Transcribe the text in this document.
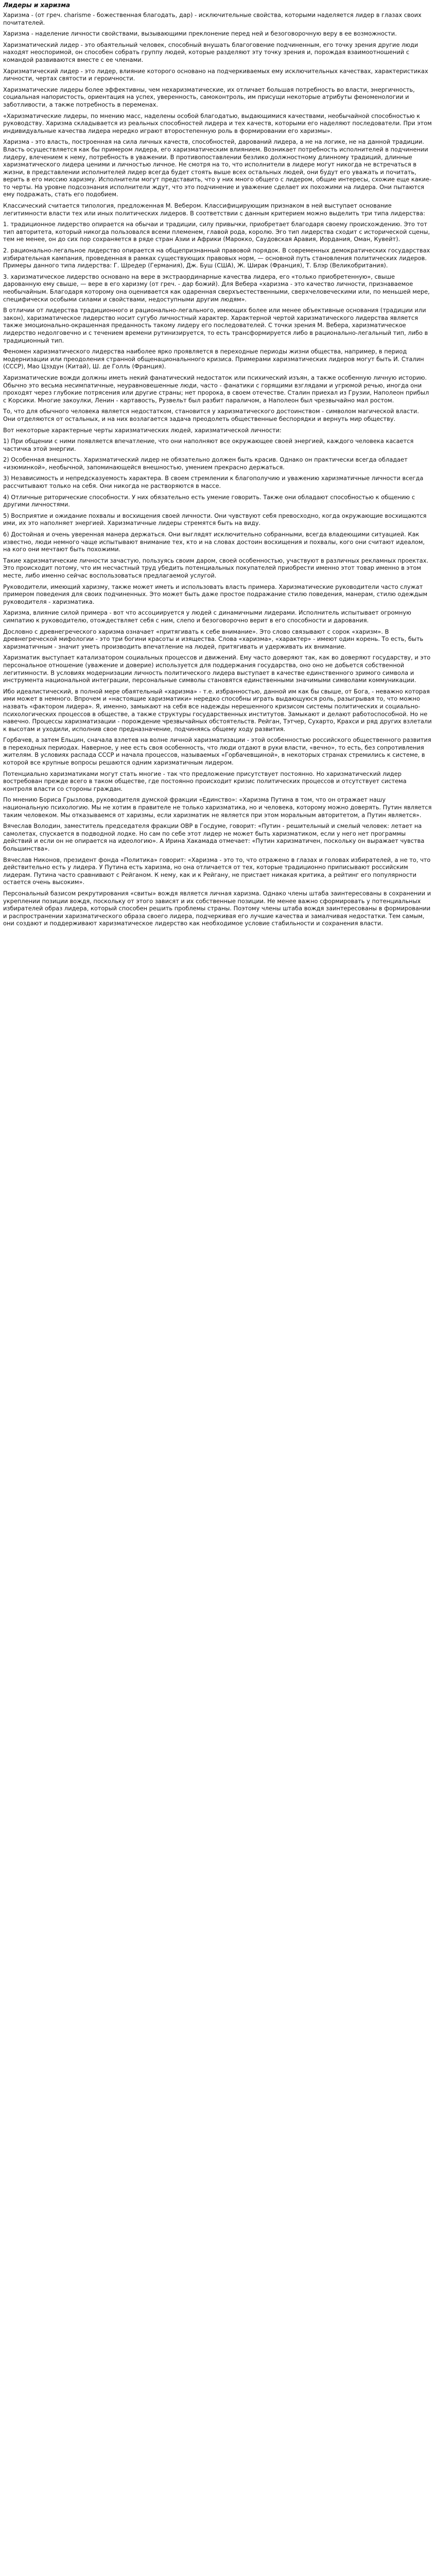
Лидеры и харизма

Харизма - (от греч. charisme - божественная благодать, дар) - исключительные свойства, которыми наделяется лидер в глазах своих почитателей.

Харизма - наделение личности свойствами, вызывающими преклонение перед ней и безоговорочную веру в ее возможности.

Харизматический лидер - это обаятельный человек, способный внушать благоговение подчиненным, его точку зрения другие люди находят неоспоримой, он способен собрать группу людей, которые разделяют эту точку зрения и, порождая взаимоотношений с командой развиваются вместе с ее членами.

Харизматический лидер - это лидер, влияние которого основано на подчеркиваемых ему исключительных качествах, характеристиках личности, чертах святости и героичности.

Харизматические лидеры более эффективны, чем нехаризматические, их отличает большая потребность во власти, энергичность, социальная напористость, ориентация на успех, уверенность, самоконтроль, им присущи некоторые атрибуты феноменологии и заботливости, а также потребность в переменах.

«Харизматические лидеры, по мнению масс, наделены особой благодатью, выдающимися качествами, необычайной способностью к руководству. Харизма складывается из реальных способностей лидера и тех качеств, которыми его наделяют последователи. При этом индивидуальные качества лидера нередко играют второстепенную роль в формировании его харизмы».

Харизма - это власть, построенная на сила личных качеств, способностей, дарований лидера, а не на логике, не на данной традиции. Власть осуществляется как бы примером лидера, его харизматическим влиянием. Возникает потребность исполнителей в подчинении лидеру, влечением к нему, потребность в уважении. В противопоставлении безлико должностному длинному традиций, длинные харизматического лидера ценими и личностью личное. Не смотря на то, что исполнители в лидере могут никогда не встречаться в жизни, в представлении исполнителей лидер всегда будет стоять выше всех остальных людей, они будут его уважать и почитать, верить в его миссию харизму. Исполнители могут представить, что у них много общего с лидером, общие интересы, схожие еще какие-то черты. На уровне подсознания исполнители ждут, что это подчинение и уважение сделает их похожими на лидера. Они пытаются ему подражать, стать его подобием.

Классический считается типология, предложенная М. Вебером. Классифицирующим признаком в ней выступает основание легитимности власти тех или иных политических лидеров. В соответствии с данным критерием можно выделить три типа лидерства:

1. традиционное лидерство опирается на обычаи и традиции, силу привычки, приобретает благодаря своему происхождению. Это тот тип авторитета, который никогда пользовался всеми племенем, главой рода, королю. Эго тип лидерства сходит с исторической сцены, тем не менее, он до сих пор сохраняется в ряде стран Азии и Африки (Марокко, Саудовская Аравия, Иордания, Оман, Кувейт).

2. рационально-легальное лидерство опирается на общепризнанный правовой порядок. В современных демократических государствах избирательная кампания, проведенная в рамках существующих правовых норм, — основной путь становления политических лидеров. Примеры данного типа лидерства: Г. Шредер (Германия), Дж. Буш (США), Ж. Ширак (Франция), Т. Блэр (Великобритания).

3. харизматическое лидерство основано на вере в экстраординарные качества лидера, его «только приобретенную», свыше дарованную ему свыше, — вере в его харизму (от греч. - дар божий). Для Вебера «харизма - это качество личности, признаваемое необычайным. Благодаря которому она оценивается как одаренная сверхъестественными, сверхчеловеческими или, по меньшей мере, специфически особыми силами и свойствами, недоступными другим людям».

В отличии от лидерства традиционного и рационально-легального, имеющих более или менее объективные основания (традиции или закон), харизматическое лидерство носит сугубо личностный характер. Характерной чертой харизматического лидерства является также эмоционально-окрашенная преданность такому лидеру его последователей. С точки зрения М. Вебера, харизматическое лидерство недолговечно и с течением времени рутинизируется, то есть трансформируется либо в рационально-легальный тип, либо в традиционный тип.

Феномен харизматического лидерства наиболее ярко проявляется в переходные периоды жизни общества, например, в период модернизации или преодоления странной общенациональнного кризиса. Примерами харизматических лидеров могут быть И. Сталин (СССР), Мао Цзэдун (Китай), Ш. де Голль (Франция).

Харизматические вожди должны иметь некий фанатический недостаток или психический изъян, а также особенную личную историю. Обычно это весьма несимпатичные, неуравновешенные люди, часто - фанатики с горящими взглядами и угрюмой речью, иногда они проходят через глубокие потрясения или другие страны; нет пророка, в своем отечестве. Сталин приехал из Грузии, Наполеон прибыл с Корсики. Многие закоулки, Ленин - картавость, Рузвельт был разбит параличом, а Наполеон был чрезвычайно мал ростом.

То, что для обычного человека является недостатком, становится у харизматического достоинством - символом магической власти. Они отделяются от остальных, и на них возлагается задача преодолеть общественные беспорядки и вернуть мир обществу.

Вот некоторые характерные черты харизматических людей, харизматической личности:

1) При общении с ними появляется впечатление, что они наполняют все окружающее своей энергией, каждого человека касается частичка этой энергии.

2) Особенная внешность. Харизматический лидер не обязательно должен быть красив. Однако он практически всегда обладает «изюминкой», необычной, запоминающейся внешностью, умением прекрасно держаться.

3) Независимость и непредсказуемость характера. В своем стремлении к благополучию и уважению харизматичные личности всегда рассчитывают только на себя. Они никогда не растворяются в массе.

4) Отличные риторические способности. У них обязательно есть умение говорить. Также они обладают способностью к общению с другими личностями.

5) Восприятие и ожидание похвалы и восхищения своей личности. Они чувствуют себя превосходно, когда окружающие восхищаются ими, их это наполняет энергией. Харизматичные лидеры стремятся быть на виду.

6) Достойная и очень уверенная манера держаться. Они выглядят исключительно собранными, всегда владеющими ситуацией. Как известно, люди немного чаще испытывают внимание тех, кто и на словах достоин восхищения и похвалы, кого они считают идеалом, на кого они мечтают быть похожими.

Такие харизматические личности зачастую, пользуясь своим даром, своей особенностью, участвуют в различных рекламных проектах. Это происходит потому, что им несчастный труд убедить потенциальных покупателей приобрести именно этот товар именно в этом месте, либо именно сейчас воспользоваться предлагаемой услугой.

Руководители, имеющий харизму, также может иметь и использовать власть примера. Харизматические руководители часто служат примером поведения для своих подчиненных. Это может быть даже простое подражание стилю поведения, манерам, стилю одеждым руководителя - харизматика.

Харизма, влияние силой примера - вот что ассоциируется у людей с динамичными лидерами. Исполнитель испытывает огромную симпатию к руководителю, отождествляет себя с ним, слепо и безоговорочно верит в его способности и дарования.

Дословно с древнегреческого харизма означает «притягивать к себе внимание». Это слово связывают с сорок «харизм». В древнегреческой мифологии - это три богини красоты и изящества. Слова «харизма», «характер» - имеют один корень. То есть, быть харизматичным - значит уметь производить впечатление на людей, притягивать и удерживать их внимание.

Харизматик выступает катализатором социальных процессов и движений. Ему часто доверяют так, как во доверяют государству, и это персональное отношение (уважение и доверие) используется для поддержания государства, оно оно не добьется собственной легитимности. В условиях модернизации личность политического лидера выступает в качестве единственного зримого символа и инструмента национальной интеграции, персональные символы становятся единственными значимыми символами коммуникации.

Ибо идеалистический, в полной мере обаятельный «харизма» - т.е. избранностью, данной им как бы свыше, от Бога, - неважно которая ими может в немного. Впрочем и «настоящие харизматики» нередко способны играть выдающуюся роль, разыгрывая то, что можно назвать «фактором лидера». Я, именно, замыкают на себя все надежды нерешенного кризисом системы политических и социально-психологических процессов в обществе, а также структуры государственных институтов. Замыкают и делают работоспособной. Но не навечно. Процессы харизматизации - порождение чрезвычайных обстоятельств. Рейган, Тэтчер, Сухарто, Крахси и ряд других взлетали к высотам и уходили, исполнив свое предназначение, подчиняясь общему ходу развития.

Горбачев, а затем Ельцин, сначала взлетев на волне личной харизматизации - этой особенностью российского общественного развития в переходных периодах. Наверное, у нее есть своя особенность, что люди отдают в руки власти, «вечно», то есть, без сопротивления жителям. В условиях распада СССР и начала процессов, называемых «Горбачевщиной», в некоторых странах стремились к системе, в которой все крупные вопросы решаются одним харизматичным лидером.

Потенциально харизматиками могут стать многие - так что предложение присутствует постоянно. Но харизматический лидер востребован прежде всего в таком обществе, где постоянно происходит кризис политических процессов и отсутствует система контроля власти со стороны граждан.

По мнению Бориса Грызлова, руководителя думской фракции «Единство»: «Харизма Путина в том, что он отражает нашу национальную психологию. Мы не хотим в правителе не только харизматика, но и человека, которому можно доверять. Путин является таким человеком. Мы отказываемся от харизмы, если харизматик не является при этом моральным авторитетом, а Путин является».

Вячеслав Володин, заместитель председателя фракции ОВР в Госдуме, говорит: «Путин - решительный и смелый человек: летает на самолетах, спускается в подводной лодке. Но сам по себе этот лидер не может быть харизматиком, если у него нет программы действий и если он не опирается на идеологию». А Ирина Хакамада отмечает: «Путин харизматичен, поскольку он выражает чувства большинства».

Вячеслав Никонов, президент фонда «Политика» говорит: «Харизма - это то, что отражено в глазах и головах избирателей, а не то, что действительно есть у лидера. У Путина есть харизма, но она отличается от тех, которые традиционно приписывают российским лидерам. Путина часто сравнивают с Рейганом. К нему, как и к Рейгану, не пристает никакая критика, а рейтинг его популярности остается очень высоким».

Персональный базисом рекрутирования «свиты» вождя является личная харизма. Однако члены штаба заинтересованы в сохранении и укреплении позиции вождя, поскольку от этого зависят и их собственные позиции. Не менее важно сформировать у потенциальных избирателей образ лидера, который способен решить проблемы страны. Поэтому члены штаба вождя заинтересованы в формировании и распространении харизматического образа своего лидера, подчеркивая его лучшие качества и замалчивая недостатки. Тем самым, они создают и поддерживают харизматическое лидерство как необходимое условие стабильности и сохранения власти.
